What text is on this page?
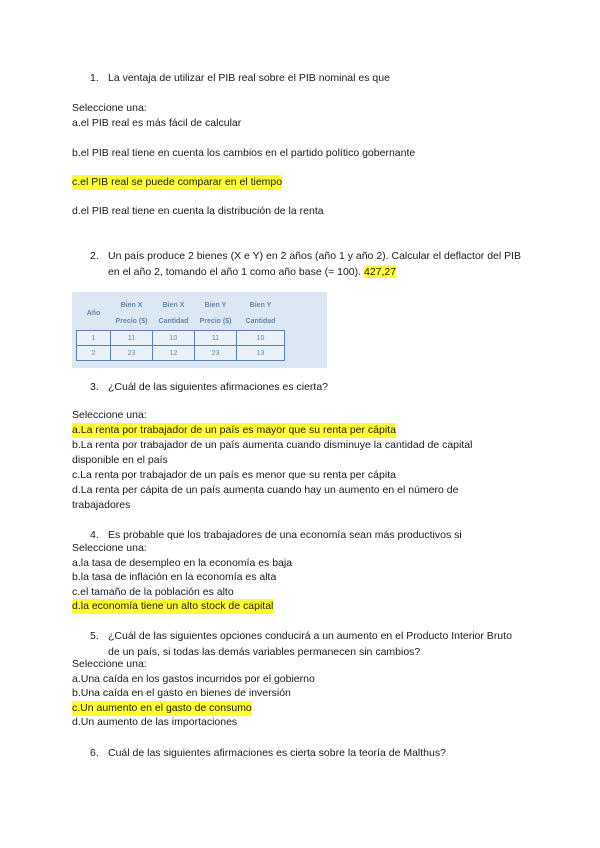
1. La ventaja de utilizar el PIB real sobre el PIB nominal es que
Seleccione una:
a.el PIB real es más fácil de calcular
b.el PIB real tiene en cuenta los cambios en el partido político gobernante
c.el PIB real se puede comparar en el tiempo
d.el PIB real tiene en cuenta la distribución de la renta
2. Un país produce 2 bienes (X e Y) en 2 años (año 1 y año 2). Calcular el deflactor del PIB en el año 2, tomando el año 1 como año base (= 100). 427,27
Año	Bien X	Bien X	Bien Y	Bien Y
	Precio ($)	Cantidad	Precio ($)	Cantidad
1	11	10	11	10
2	23	12	23	13
3. ¿Cuál de las siguientes afirmaciones es cierta?
Seleccione una:
a.La renta por trabajador de un país es mayor que su renta per cápita
b.La renta por trabajador de un país aumenta cuando disminuye la cantidad de capital disponible en el país
c.La renta por trabajador de un país es menor que su renta per cápita
d.La renta per cápita de un país aumenta cuando hay un aumento en el número de trabajadores
4. Es probable que los trabajadores de una economía sean más productivos si
Seleccione una:
a.la tasa de desempleo en la economía es baja
b.la tasa de inflación en la economía es alta
c.el tamaño de la población es alto
d.la economía tiene un alto stock de capital
5. ¿Cuál de las siguientes opciones conducirá a un aumento en el Producto Interior Bruto de un país, si todas las demás variables permanecen sin cambios?
Seleccione una:
a.Una caída en los gastos incurridos por el gobierno
b.Una caída en el gasto en bienes de inversión
c.Un aumento en el gasto de consumo
d.Un aumento de las importaciones
6. Cuál de las siguientes afirmaciones es cierta sobre la teoría de Malthus?
